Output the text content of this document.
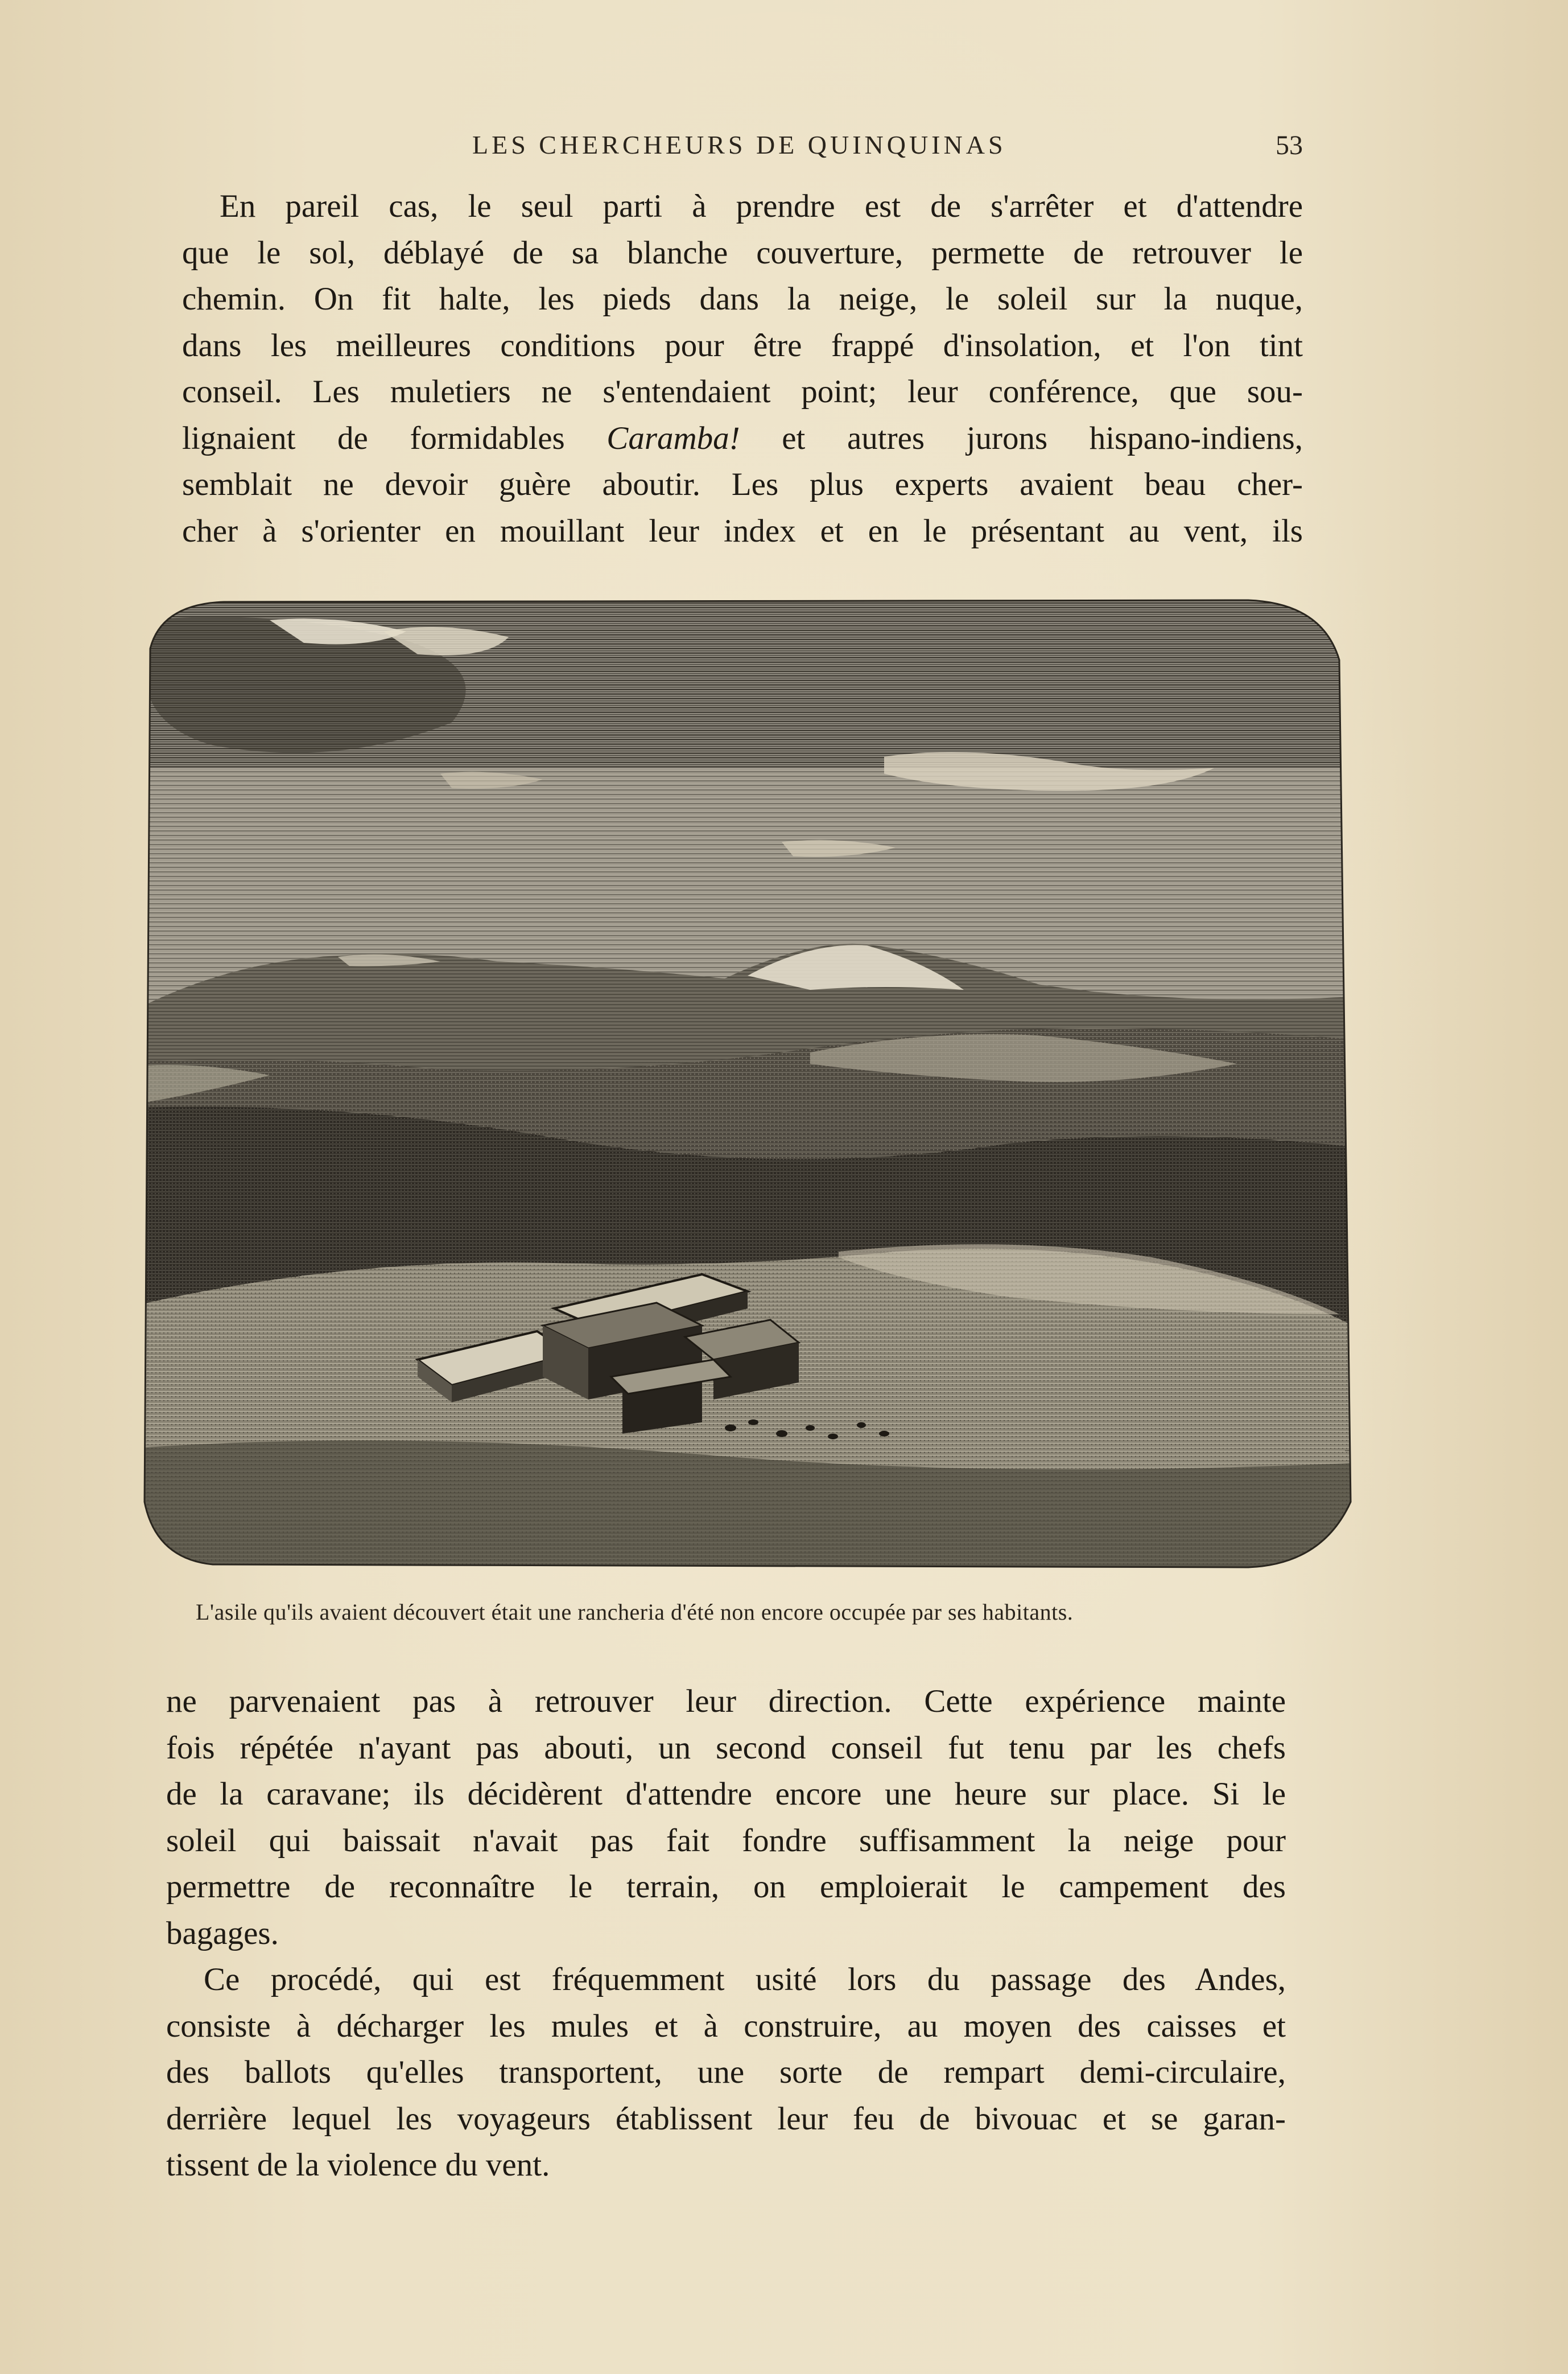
LES CHERCHEURS DE QUINQUINAS	53
En pareil cas, le seul parti à prendre est de s'arrêter et d'attendre
que le sol, déblayé de sa blanche couverture, permette de retrouver le
chemin. On fit halte, les pieds dans la neige, le soleil sur la nuque,
dans les meilleures conditions pour être frappé d'insolation, et l'on tint
conseil. Les muletiers ne s'entendaient point; leur conférence, que sou-
lignaient de formidables Caramba! et autres jurons hispano-indiens,
semblait ne devoir guère aboutir. Les plus experts avaient beau cher-
cher à s'orienter en mouillant leur index et en le présentant au vent, ils
L'asile qu'ils avaient découvert était une rancheria d'été non encore occupée par ses habitants.
ne parvenaient pas à retrouver leur direction. Cette expérience mainte
fois répétée n'ayant pas abouti, un second conseil fut tenu par les chefs
de la caravane; ils décidèrent d'attendre encore une heure sur place. Si le
soleil qui baissait n'avait pas fait fondre suffisamment la neige pour
permettre de reconnaître le terrain, on emploierait le campement des
bagages.
Ce procédé, qui est fréquemment usité lors du passage des Andes,
consiste à décharger les mules et à construire, au moyen des caisses et
des ballots qu'elles transportent, une sorte de rempart demi-circulaire,
derrière lequel les voyageurs établissent leur feu de bivouac et se garan-
tissent de la violence du vent.
